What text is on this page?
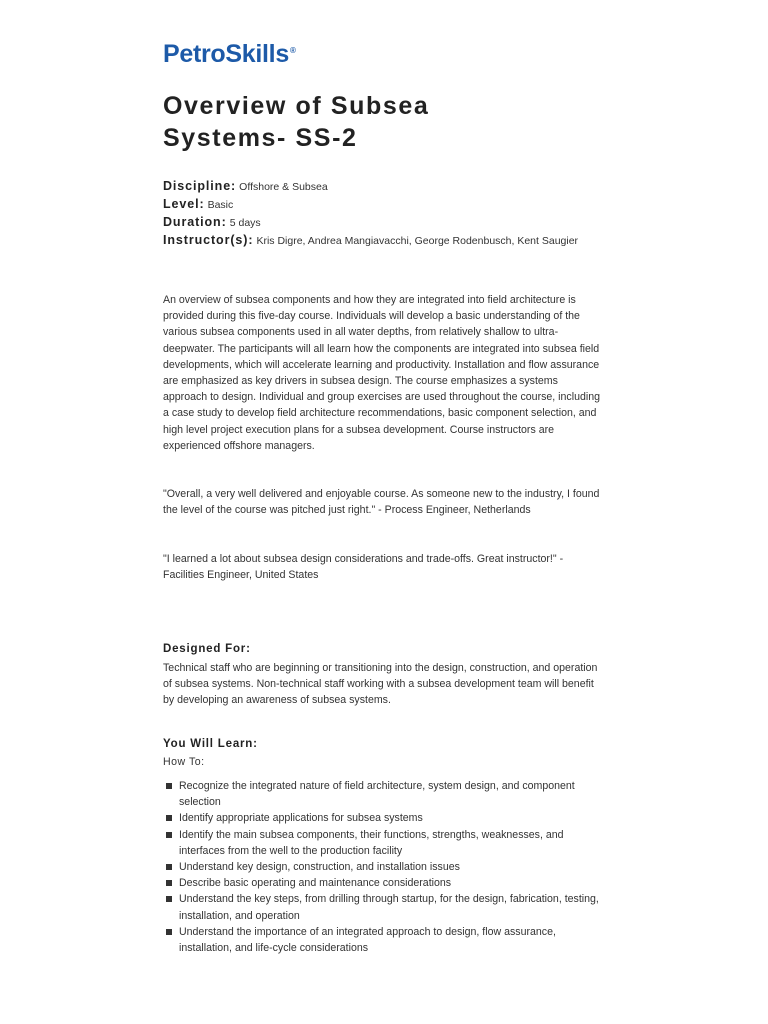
PetroSkills®
Overview of Subsea
Systems- SS-2
Discipline: Offshore & Subsea
Level: Basic
Duration: 5 days
Instructor(s): Kris Digre, Andrea Mangiavacchi, George Rodenbusch, Kent Saugier
An overview of subsea components and how they are integrated into field architecture is provided during this five-day course. Individuals will develop a basic understanding of the various subsea components used in all water depths, from relatively shallow to ultra-deepwater. The participants will all learn how the components are integrated into subsea field developments, which will accelerate learning and productivity. Installation and flow assurance are emphasized as key drivers in subsea design. The course emphasizes a systems approach to design. Individual and group exercises are used throughout the course, including a case study to develop field architecture recommendations, basic component selection, and high level project execution plans for a subsea development. Course instructors are experienced offshore managers.
"Overall, a very well delivered and enjoyable course. As someone new to the industry, I found the level of the course was pitched just right." - Process Engineer, Netherlands
"I learned a lot about subsea design considerations and trade-offs. Great instructor!" - Facilities Engineer, United States
Designed For:
Technical staff who are beginning or transitioning into the design, construction, and operation of subsea systems. Non-technical staff working with a subsea development team will benefit by developing an awareness of subsea systems.
You Will Learn:
How To:
Recognize the integrated nature of field architecture, system design, and component selection
Identify appropriate applications for subsea systems
Identify the main subsea components, their functions, strengths, weaknesses, and interfaces from the well to the production facility
Understand key design, construction, and installation issues
Describe basic operating and maintenance considerations
Understand the key steps, from drilling through startup, for the design, fabrication, testing, installation, and operation
Understand the importance of an integrated approach to design, flow assurance, installation, and life-cycle considerations
